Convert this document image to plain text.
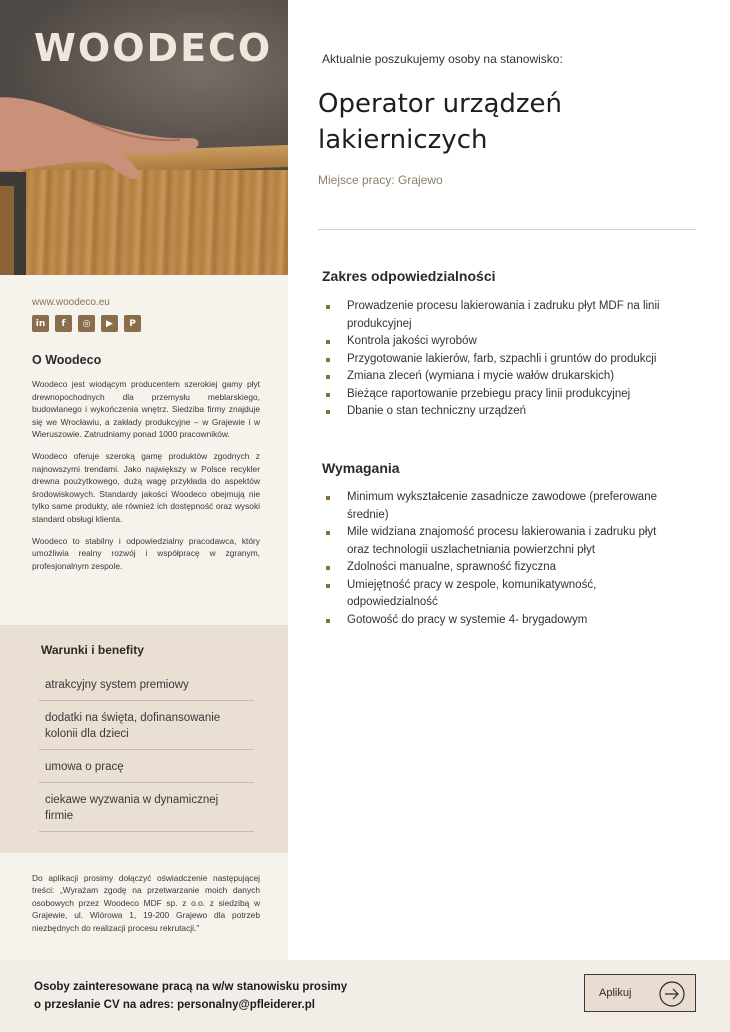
WOODECO
www.woodeco.eu
in	f	◎	▶	P
O Woodeco

Woodeco jest wiodącym producentem szerokiej gamy płyt drewnopochodnych dla przemysłu meblarskiego, budowlanego i wykończenia wnętrz. Siedziba firmy znajduje się we Wrocławiu, a zakłady produkcyjne – w Grajewie i w Wieruszowie. Zatrudniamy ponad 1000 pracowników.

Woodeco oferuje szeroką gamę produktów zgodnych z najnowszymi trendami. Jako największy w Polsce recykler drewna poużytkowego, dużą wagę przykłada do aspektów środowiskowych. Standardy jakości Woodeco obejmują nie tylko same produkty, ale również ich dostępność oraz wysoki standard obsługi klienta.

Woodeco to stabilny i odpowiedzialny pracodawca, który umożliwia realny rozwój i współpracę w zgranym, profesjonalnym zespole.

Warunki i benefity
atrakcyjny system premiowy
dodatki na święta, dofinansowanie kolonii dla dzieci
umowa o pracę
ciekawe wyzwania w dynamicznej firmie
Do aplikacji prosimy dołączyć oświadczenie następującej treści: „Wyrażam zgodę na przetwarzanie moich danych osobowych przez Woodeco MDF sp. z o.o. z siedzibą w Grajewie, ul. Wiórowa 1, 19-200 Grajewo dla potrzeb niezbędnych do realizacji procesu rekrutacji.”
Aktualnie poszukujemy osoby na stanowisko:
Operator urządzeń lakierniczych
Miejsce pracy: Grajewo
Zakres odpowiedzialności
Prowadzenie procesu lakierowania i zadruku płyt MDF na linii produkcyjnej
Kontrola jakości wyrobów
Przygotowanie lakierów, farb, szpachli i gruntów do produkcji
Zmiana zleceń (wymiana i mycie wałów drukarskich)
Bieżące raportowanie przebiegu pracy linii produkcyjnej
Dbanie o stan techniczny urządzeń
Wymagania
Minimum wykształcenie zasadnicze zawodowe (preferowane średnie)
Mile widziana znajomość procesu lakierowania i zadruku płyt oraz technologii uszlachetniania powierzchni płyt
Zdolności manualne, sprawność fizyczna
Umiejętność pracy w zespole, komunikatywność, odpowiedzialność
Gotowość do pracy w systemie 4- brygadowym
Osoby zainteresowane pracą na w/w stanowisku prosimy
o przesłanie CV na adres: personalny@pfleiderer.pl
Aplikuj
